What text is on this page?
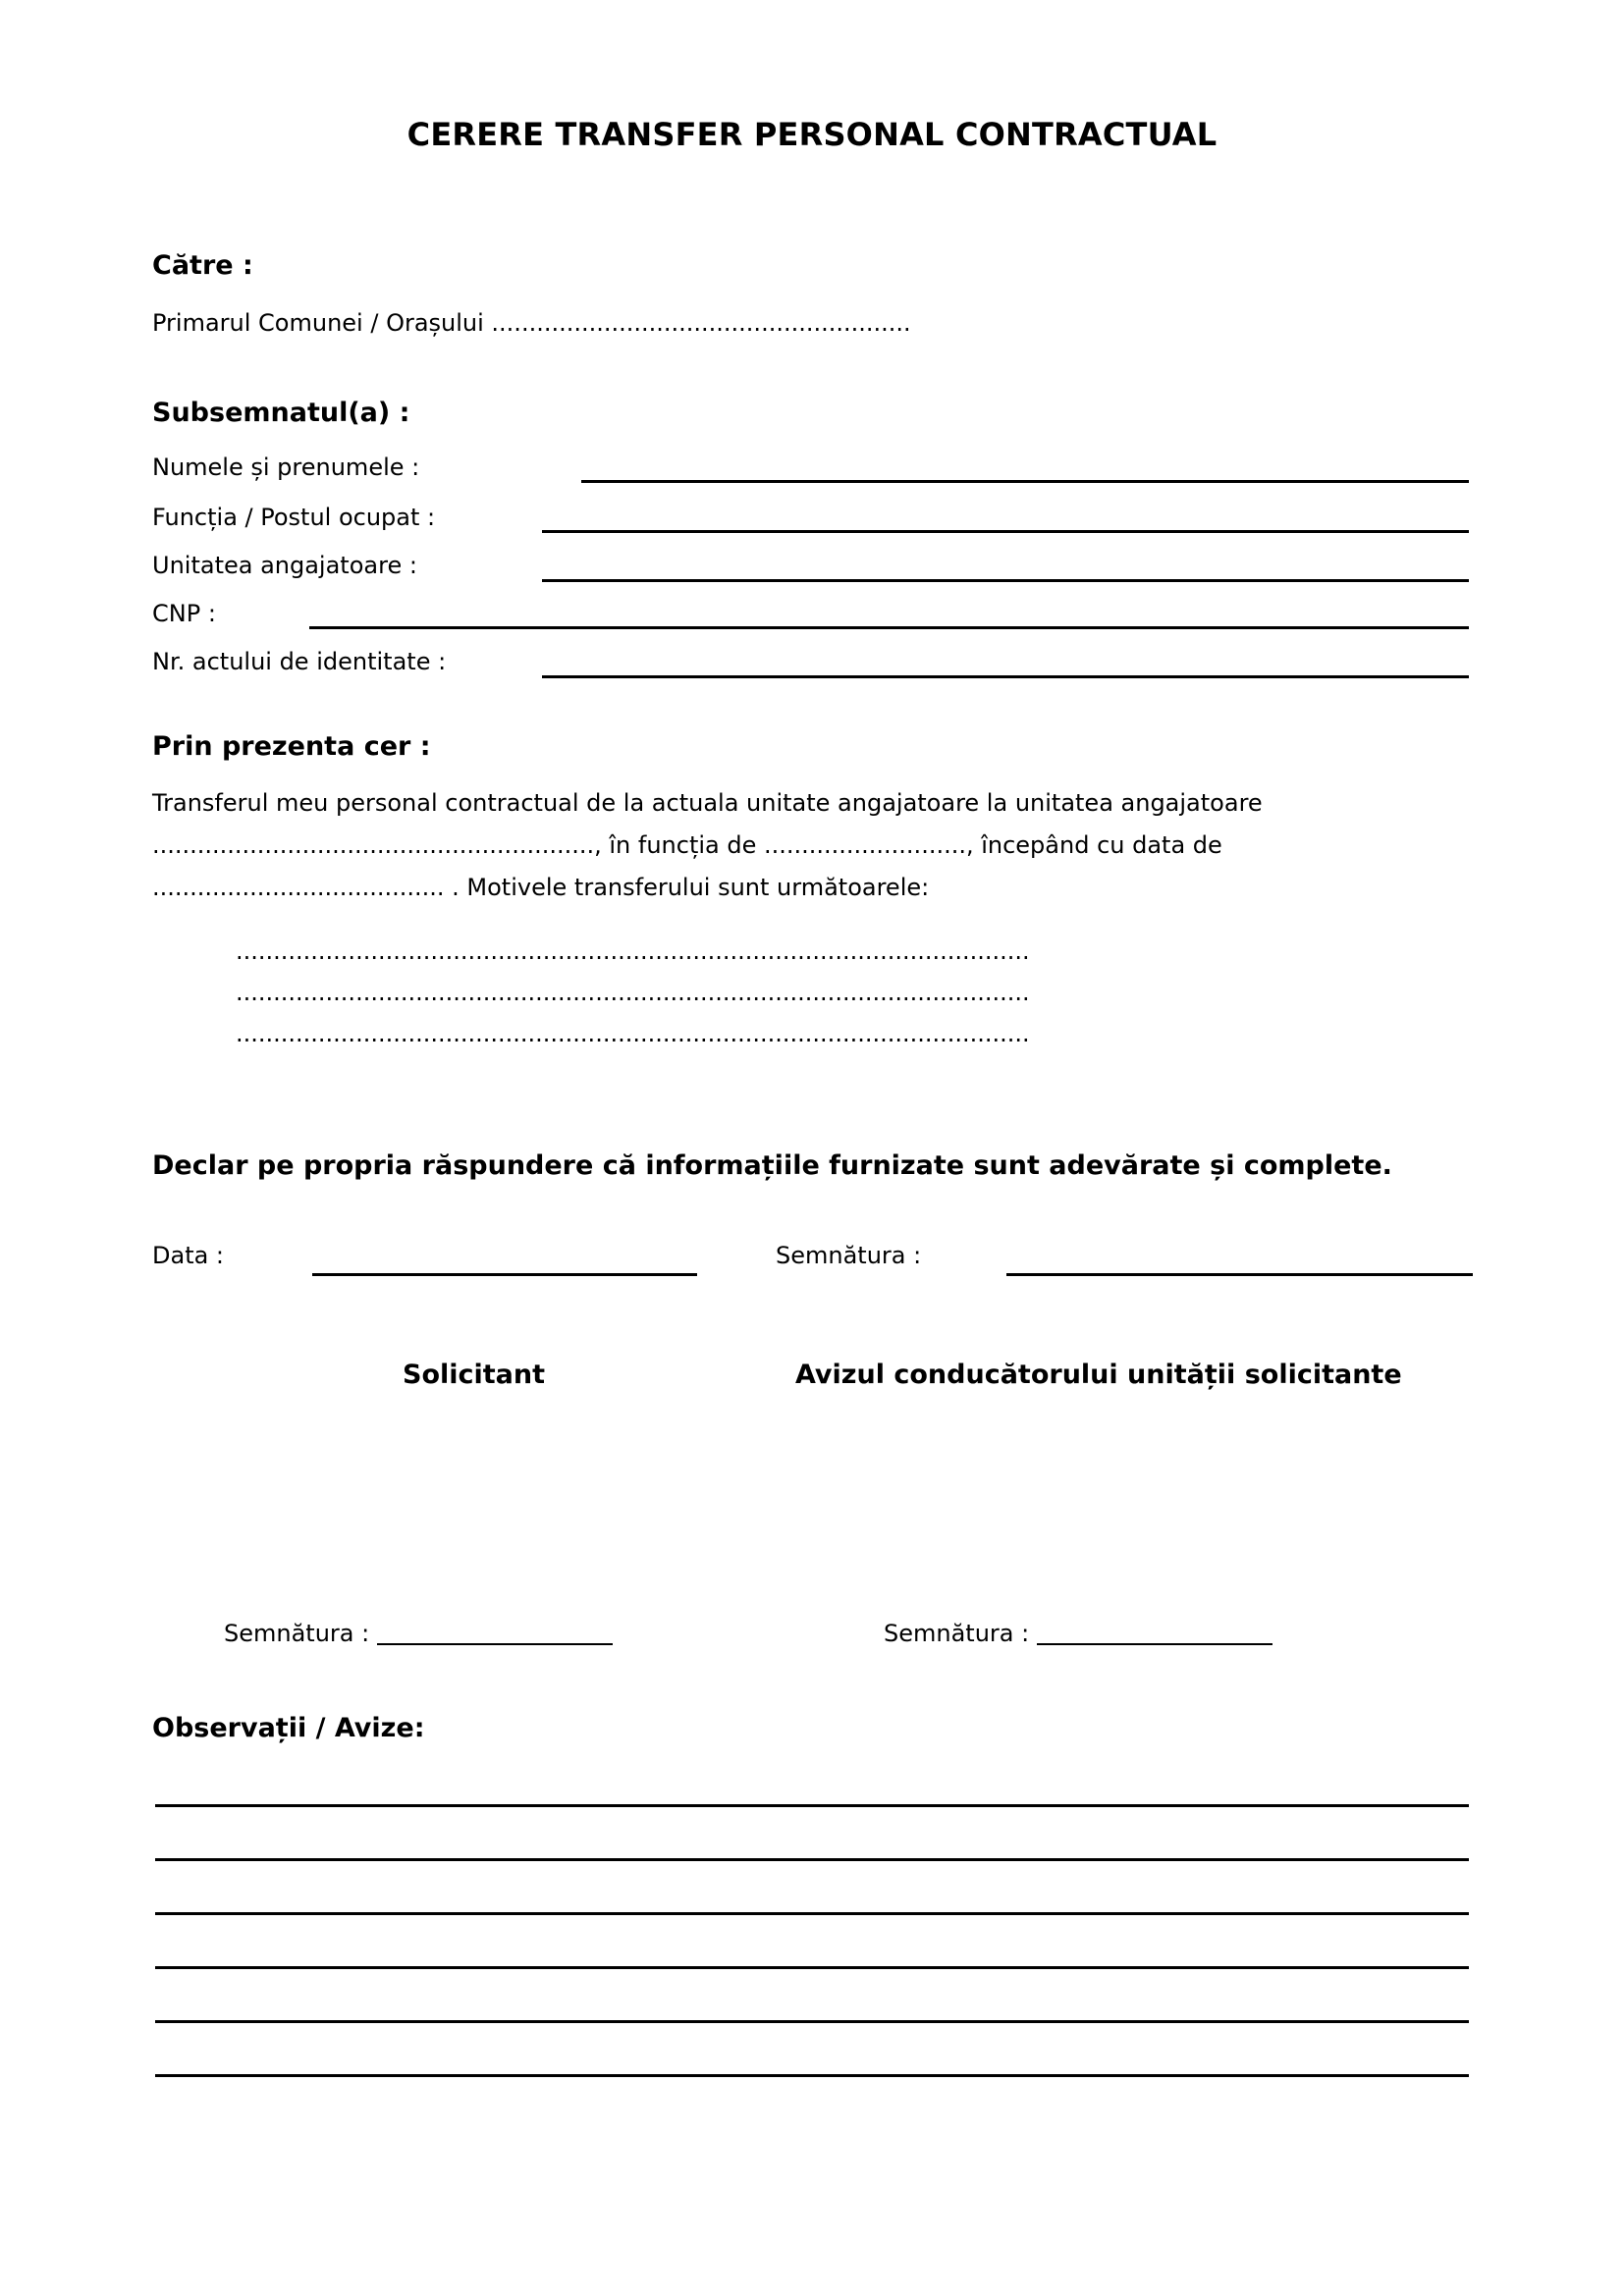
CERERE TRANSFER PERSONAL CONTRACTUAL
Către :
Primarul Comunei / Orașului ........................................................
Subsemnatul(a) :
Numele și prenumele :
Funcția / Postul ocupat :
Unitatea angajatoare :
CNP :
Nr. actului de identitate :
Prin prezenta cer :
Transferul meu personal contractual de la actuala unitate angajatoare la unitatea angajatoare ..........................................................., în funcția de ..........................., începând cu data de ....................................... . Motivele transferului sunt următoarele:
..........................................................................................................
..........................................................................................................
..........................................................................................................
Declar pe propria răspundere că informațiile furnizate sunt adevărate și complete.
Data :	Semnătura :
Solicitant	Avizul conducătorului unității solicitante
Semnătura :	Semnătura :
Observații / Avize:
